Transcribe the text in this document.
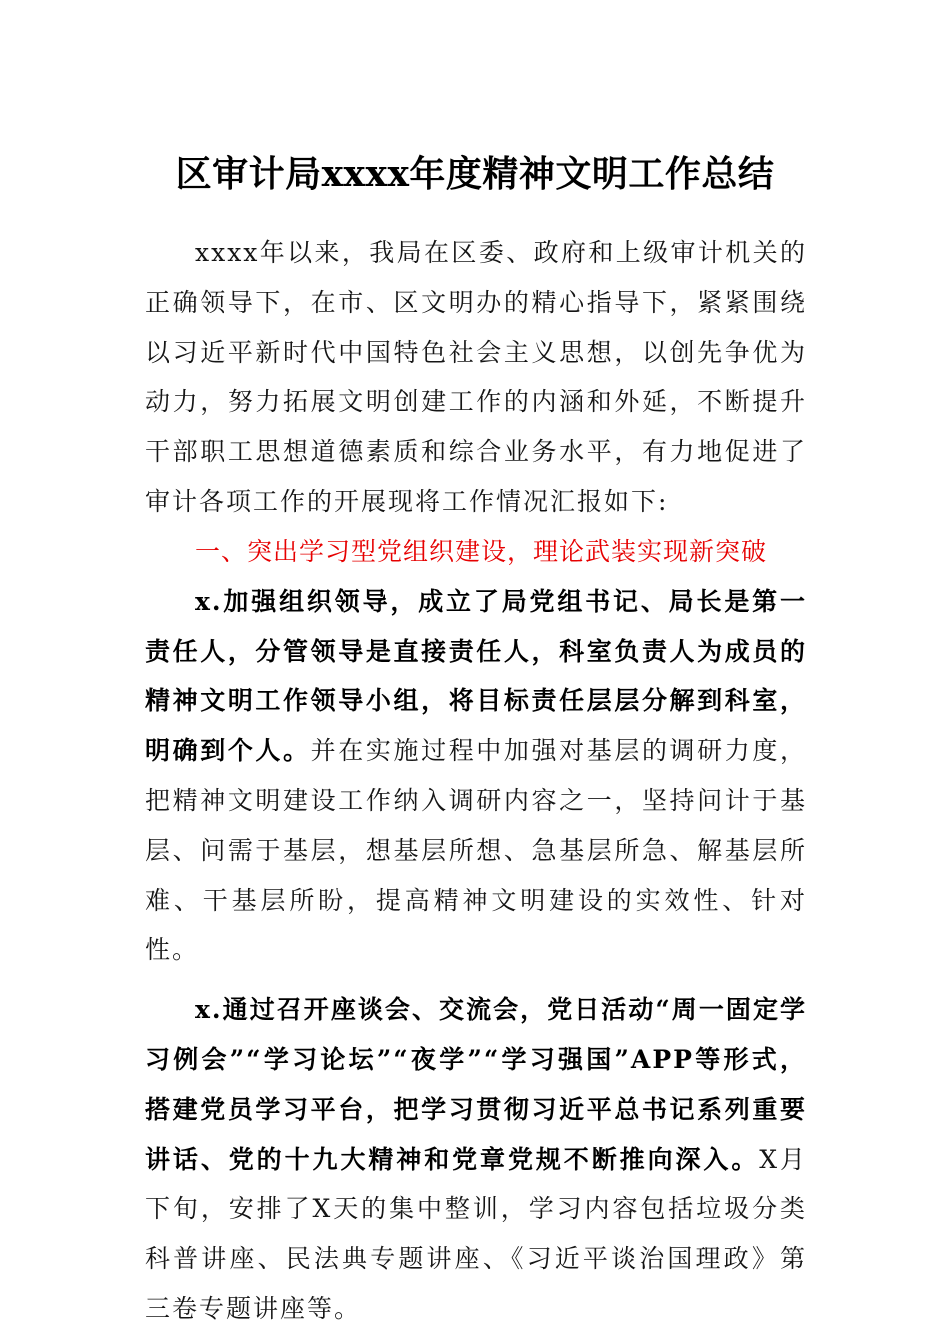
区审计局xxxx年度精神文明工作总结

xxxx年以来，我局在区委、政府和上级审计机关的正确领导下，在市、区文明办的精心指导下，紧紧围绕以习近平新时代中国特色社会主义思想，以创先争优为动力，努力拓展文明创建工作的内涵和外延，不断提升干部职工思想道德素质和综合业务水平，有力地促进了审计各项工作的开展现将工作情况汇报如下:

一、突出学习型党组织建设，理论武装实现新突破

x.加强组织领导，成立了局党组书记、局长是第一责任人，分管领导是直接责任人，科室负责人为成员的精神文明工作领导小组，将目标责任层层分解到科室，明确到个人。并在实施过程中加强对基层的调研力度，把精神文明建设工作纳入调研内容之一，坚持问计于基层、问需于基层，想基层所想、急基层所急、解基层所难、干基层所盼，提高精神文明建设的实效性、针对性。

x.通过召开座谈会、交流会，党日活动“周一固定学习例会”“学习论坛”“夜学”“学习强国”APP等形式，搭建党员学习平台，把学习贯彻习近平总书记系列重要讲话、党的十九大精神和党章党规不断推向深入。X月下旬，安排了X天的集中整训，学习内容包括垃圾分类科普讲座、民法典专题讲座、《习近平谈治国理政》第三卷专题讲座等。
